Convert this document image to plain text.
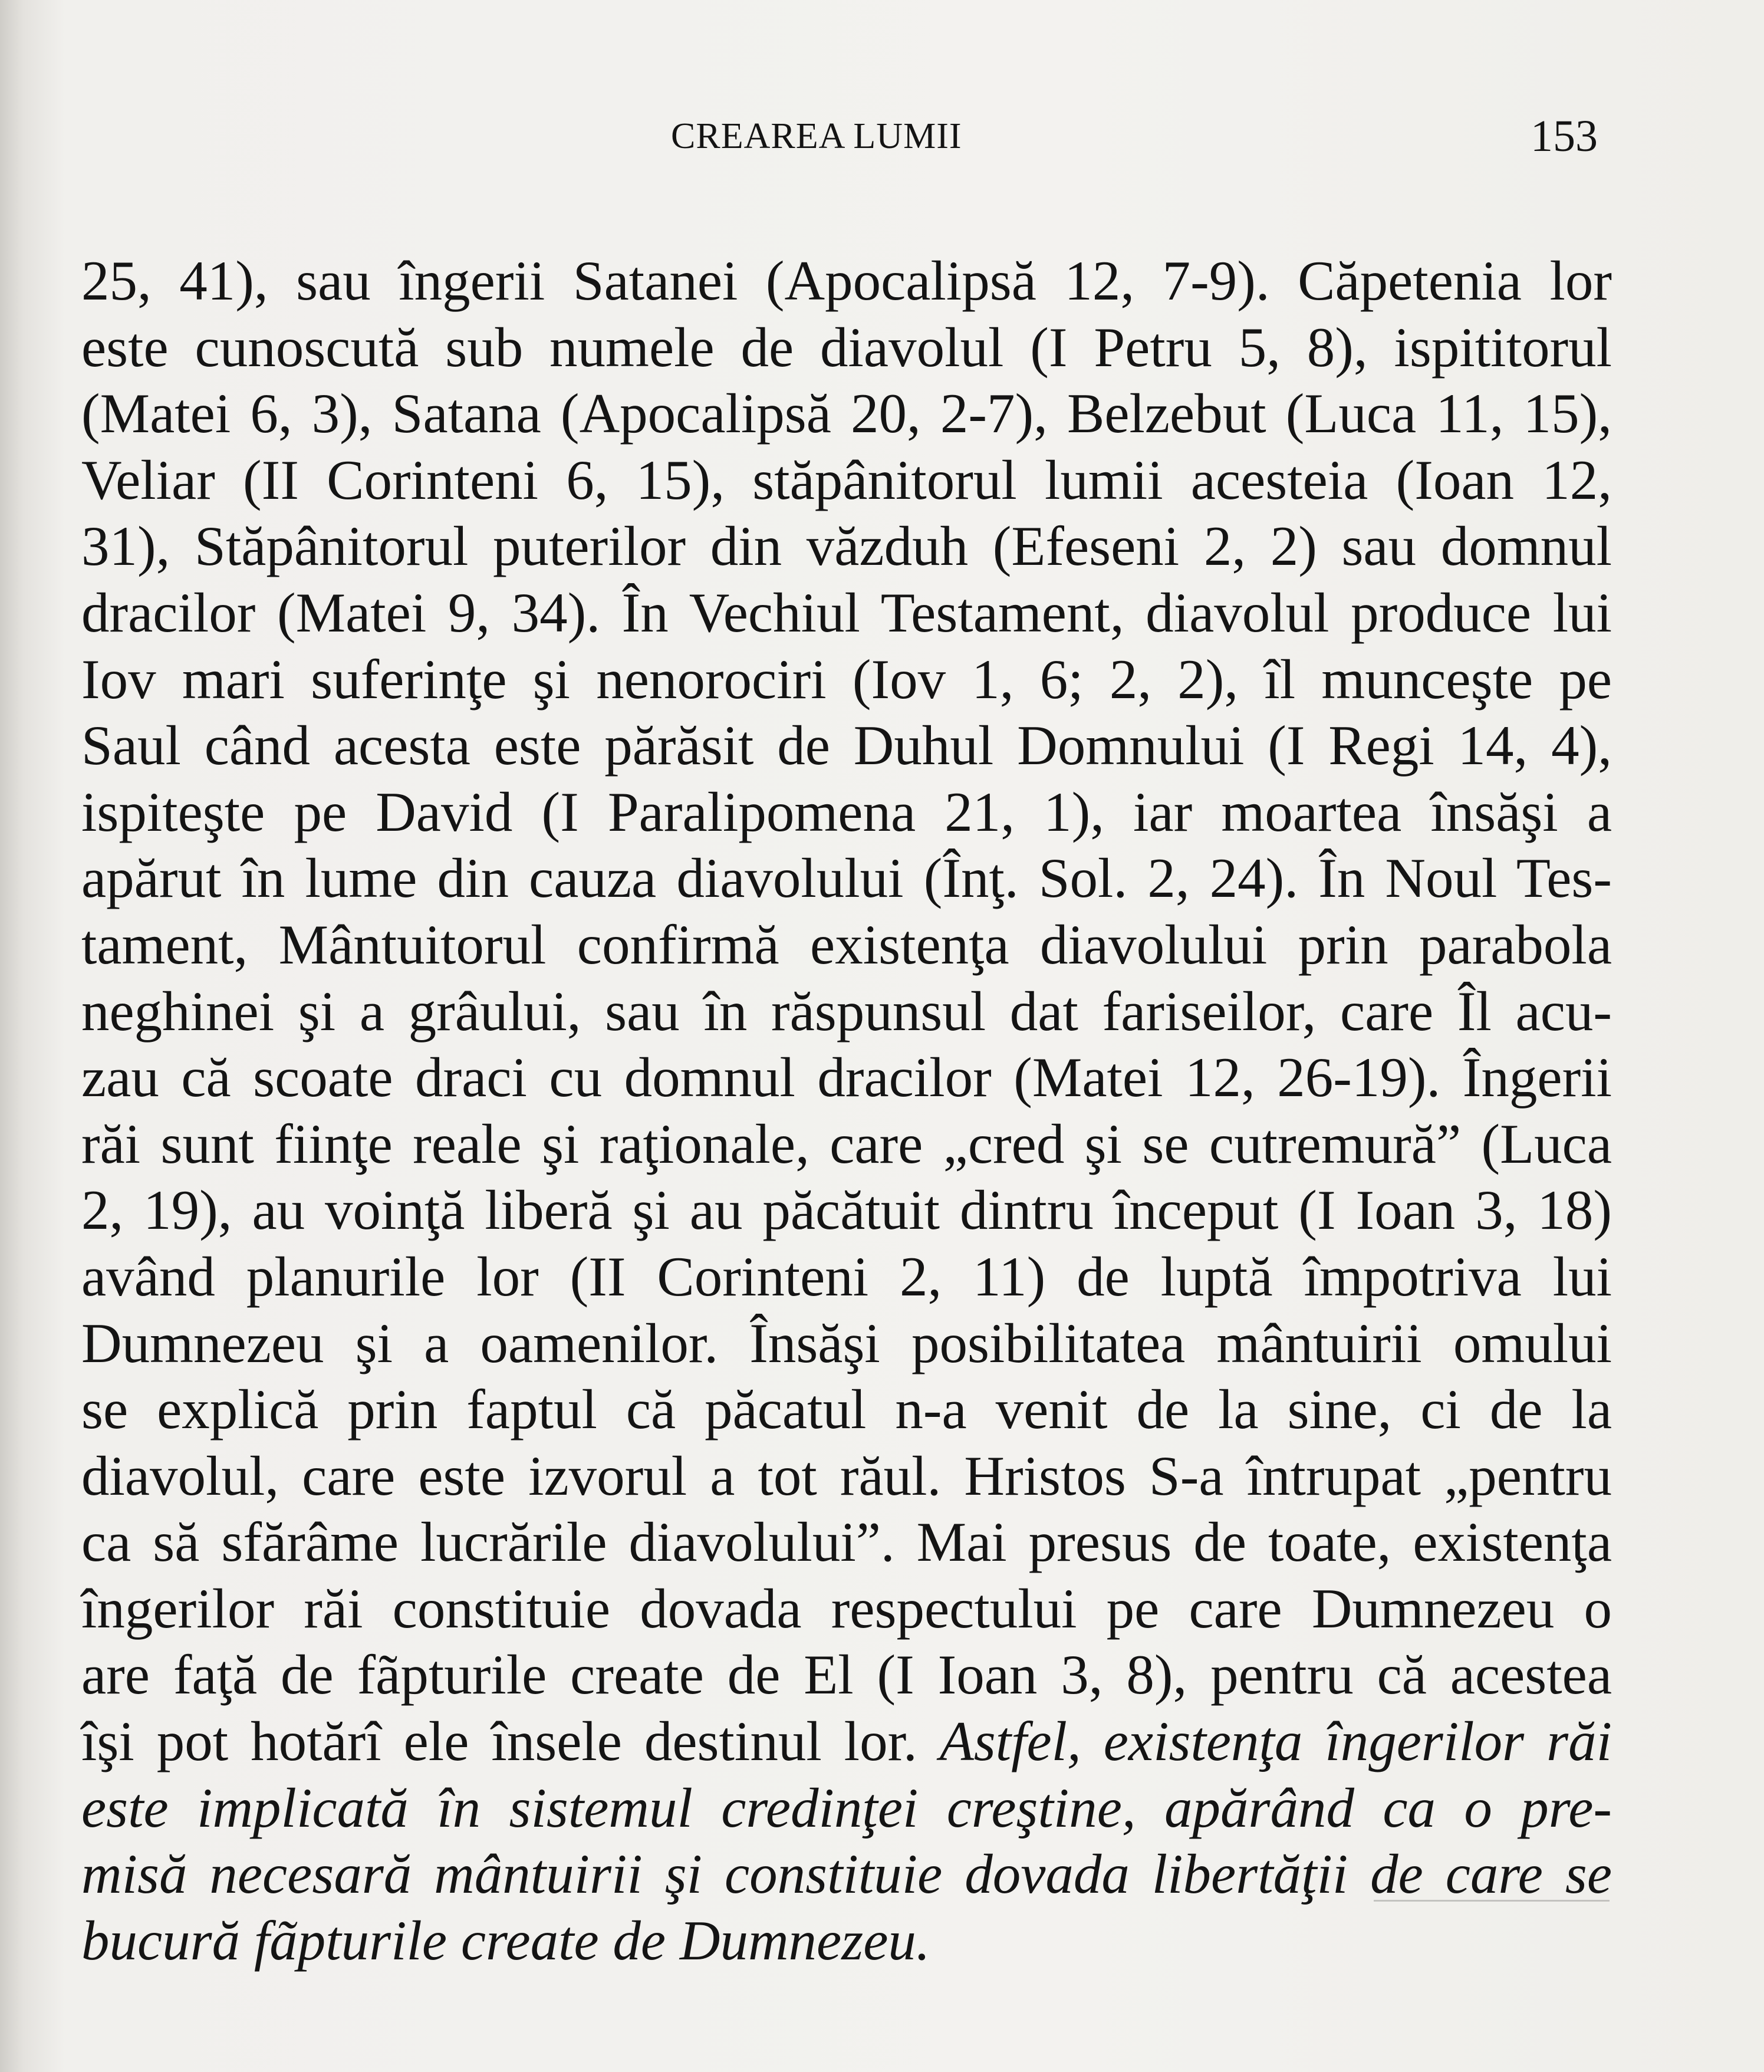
CREAREA LUMII	153
25, 41), sau îngerii Satanei (Apocalipsă 12, 7-9). Căpetenia lor
este cunoscută sub numele de diavolul (I Petru 5, 8), ispititorul
(Matei 6, 3), Satana (Apocalipsă 20, 2-7), Belzebut (Luca 11, 15),
Veliar (II Corinteni 6, 15), stăpânitorul lumii acesteia (Ioan 12,
31), Stăpânitorul puterilor din văzduh (Efeseni 2, 2) sau domnul
dracilor (Matei 9, 34). În Vechiul Testament, diavolul produce lui
Iov mari suferinţe şi nenorociri (Iov 1, 6; 2, 2), îl munceşte pe
Saul când acesta este părăsit de Duhul Domnului (I Regi 14, 4),
ispiteşte pe David (I Paralipomena 21, 1), iar moartea însăşi a
apărut în lume din cauza diavolului (Înţ. Sol. 2, 24). În Noul Tes-
tament, Mântuitorul confirmă existenţa diavolului prin parabola
neghinei şi a grâului, sau în răspunsul dat fariseilor, care Îl acu-
zau că scoate draci cu domnul dracilor (Matei 12, 26-19). Îngerii
răi sunt fiinţe reale şi raţionale, care „cred şi se cutremură” (Luca
2, 19), au voinţă liberă şi au păcătuit dintru început (I Ioan 3, 18)
având planurile lor (II Corinteni 2, 11) de luptă împotriva lui
Dumnezeu şi a oamenilor. Însăşi posibilitatea mântuirii omului
se explică prin faptul că păcatul n-a venit de la sine, ci de la
diavolul, care este izvorul a tot răul. Hristos S-a întrupat „pentru
ca să sfărâme lucrările diavolului”. Mai presus de toate, existenţa
îngerilor răi constituie dovada respectului pe care Dumnezeu o
are faţă de fãpturile create de El (I Ioan 3, 8), pentru că acestea
îşi pot hotărî ele însele destinul lor. Astfel, existenţa îngerilor răi
este implicată în sistemul credinţei creştine, apărând ca o pre-
misă necesară mântuirii şi constituie dovada libertăţii de care se
bucură fãpturile create de Dumnezeu.
